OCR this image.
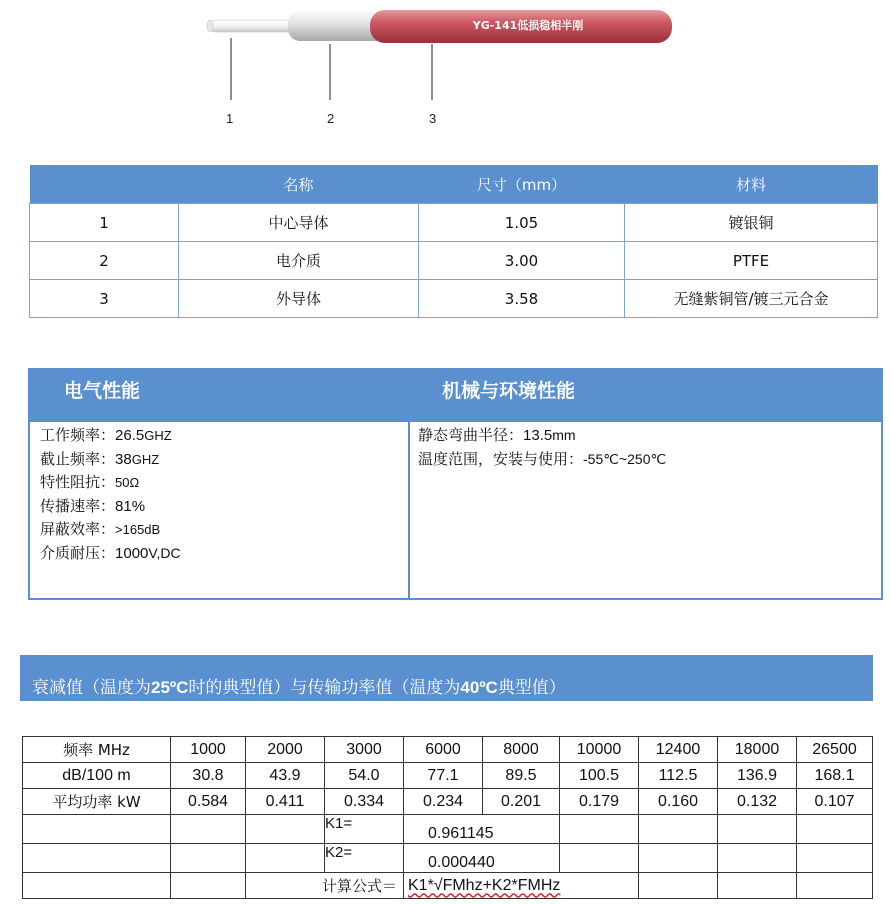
YG-141低损稳相半刚
1	2	3
	名称	尺寸（mm）	材料
1	中心导体	1.05	镀银铜
2	电介质	3.00	PTFE
3	外导体	3.58	无缝紫铜管/镀三元合金
电气性能	机械与环境性能
工作频率：26.5GHZ
截止频率：38GHZ
特性阻抗：50Ω
传播速率：81%
屏蔽效率：>165dB
介质耐压：1000V,DC
静态弯曲半径：13.5mm
温度范围，安装与使用：-55℃~250℃
衰减值（温度为25ºC时的典型值）与传输功率值（温度为40ºC典型值）
频率 MHz	1000	2000	3000	6000	8000	10000	12400	18000	26500
dB/100 m	30.8	43.9	54.0	77.1	89.5	100.5	112.5	136.9	168.1
平均功率 kW	0.584	0.411	0.334	0.234	0.201	0.179	0.160	0.132	0.107
			K1=	0.961145					
			K2=	0.000440					
		计算公式＝		K1*√FMhz+K2*FMHz					
